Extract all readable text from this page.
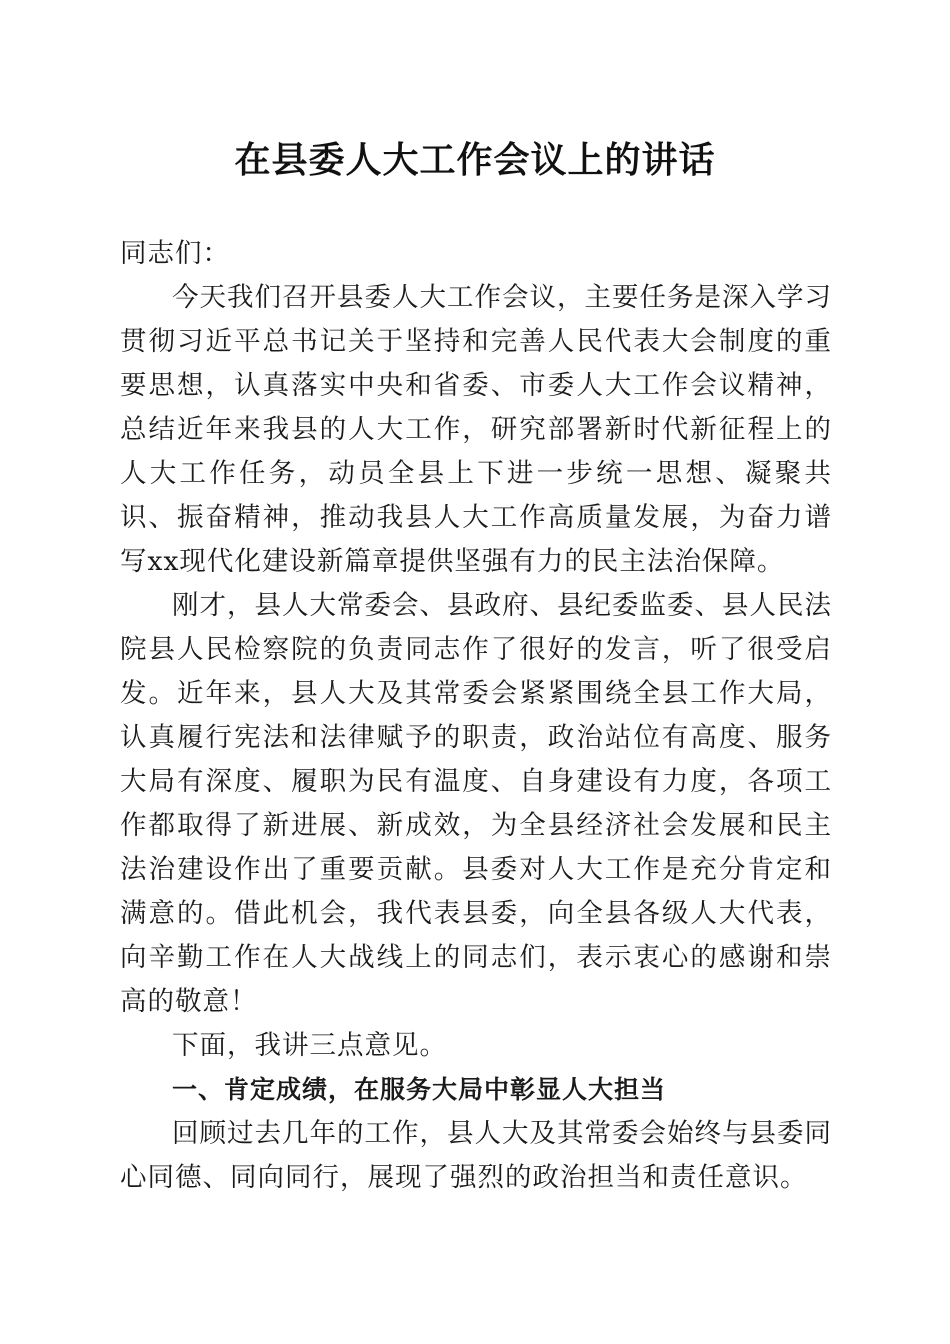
在县委人大工作会议上的讲话

同志们：

今天我们召开县委人大工作会议，主要任务是深入学习贯彻习近平总书记关于坚持和完善人民代表大会制度的重要思想，认真落实中央和省委、市委人大工作会议精神，总结近年来我县的人大工作，研究部署新时代新征程上的人大工作任务，动员全县上下进一步统一思想、凝聚共识、振奋精神，推动我县人大工作高质量发展，为奋力谱写xx现代化建设新篇章提供坚强有力的民主法治保障。

刚才，县人大常委会、县政府、县纪委监委、县人民法院县人民检察院的负责同志作了很好的发言，听了很受启发。近年来，县人大及其常委会紧紧围绕全县工作大局，认真履行宪法和法律赋予的职责，政治站位有高度、服务大局有深度、履职为民有温度、自身建设有力度，各项工作都取得了新进展、新成效，为全县经济社会发展和民主法治建设作出了重要贡献。县委对人大工作是充分肯定和满意的。借此机会，我代表县委，向全县各级人大代表，向辛勤工作在人大战线上的同志们，表示衷心的感谢和崇高的敬意！

下面，我讲三点意见。

一、肯定成绩，在服务大局中彰显人大担当

回顾过去几年的工作，县人大及其常委会始终与县委同心同德、同向同行，展现了强烈的政治担当和责任意识。
